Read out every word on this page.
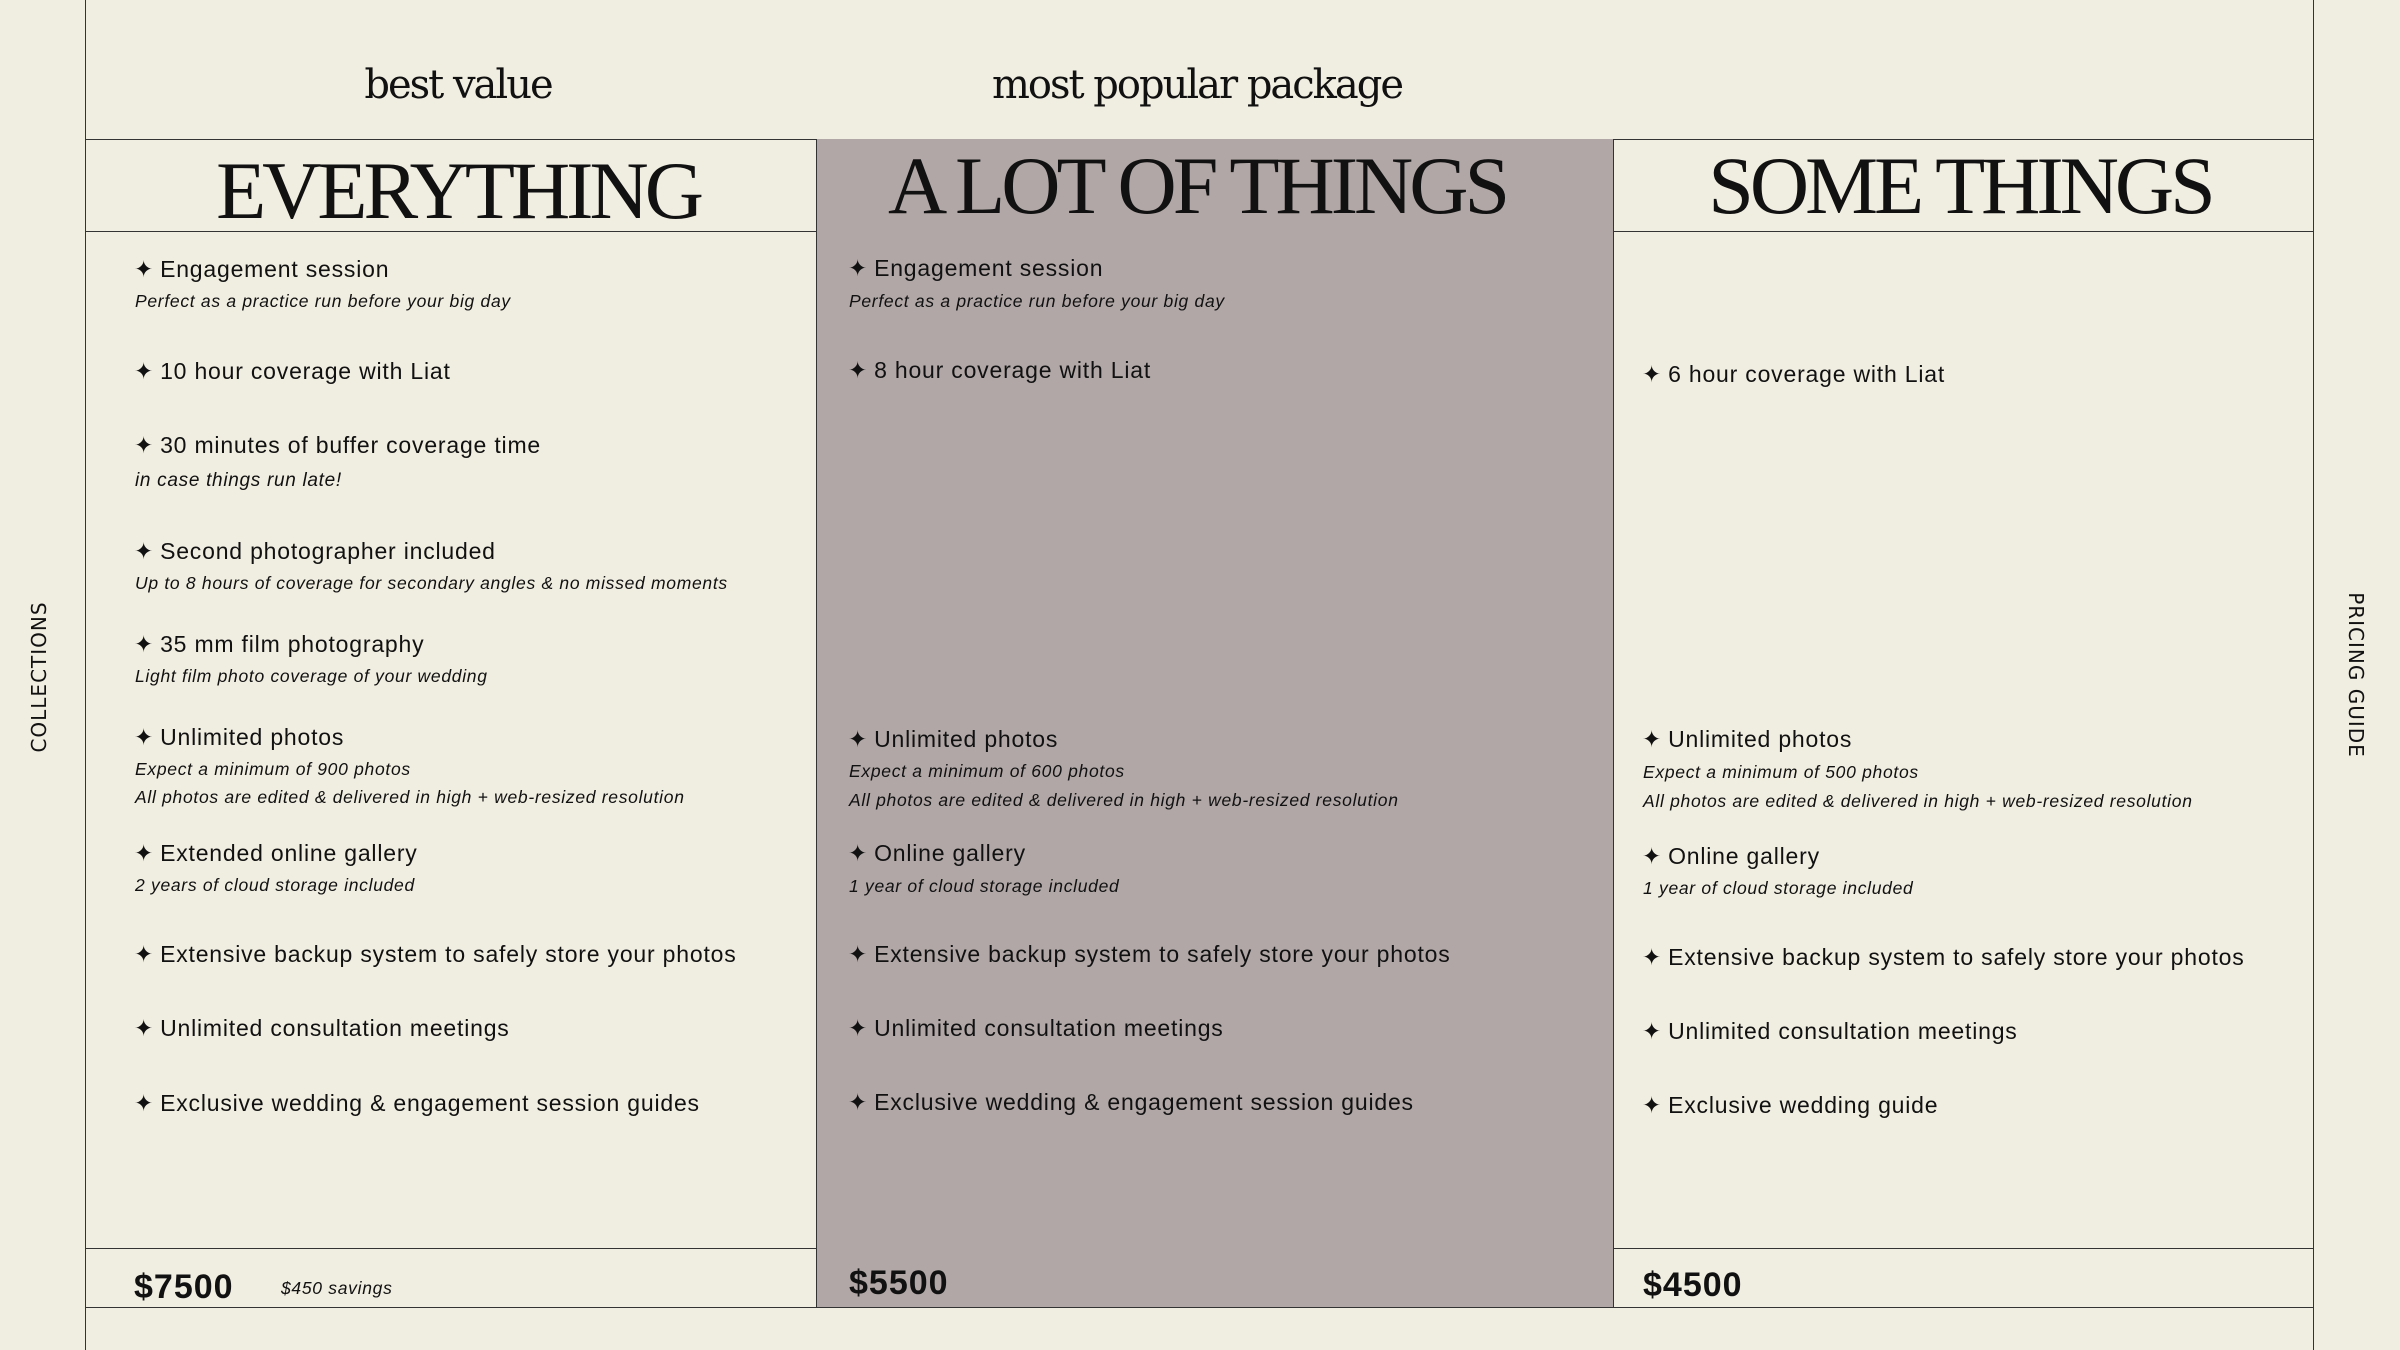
COLLECTIONS	PRICING GUIDE
best value	most popular package
EVERYTHING
✦ Engagement session
Perfect as a practice run before your big day
✦ 10 hour coverage with Liat
✦ 30 minutes of buffer coverage time
in case things run late!
✦ Second photographer included
Up to 8 hours of coverage for secondary angles & no missed moments
✦ 35 mm film photography
Light film photo coverage of your wedding
✦ Unlimited photos
Expect a minimum of 900 photos
All photos are edited & delivered in high + web-resized resolution
✦ Extended online gallery
2 years of cloud storage included
✦ Extensive backup system to safely store your photos
✦ Unlimited consultation meetings
✦ Exclusive wedding & engagement session guides
$7500	$450 savings
A LOT OF THINGS
✦ Engagement session
Perfect as a practice run before your big day
✦ 8 hour coverage with Liat
✦ Unlimited photos
Expect a minimum of 600 photos
All photos are edited & delivered in high + web-resized resolution
✦ Online gallery
1 year of cloud storage included
✦ Extensive backup system to safely store your photos
✦ Unlimited consultation meetings
✦ Exclusive wedding & engagement session guides
$5500
SOME THINGS
✦ 6 hour coverage with Liat
✦ Unlimited photos
Expect a minimum of 500 photos
All photos are edited & delivered in high + web-resized resolution
✦ Online gallery
1 year of cloud storage included
✦ Extensive backup system to safely store your photos
✦ Unlimited consultation meetings
✦ Exclusive wedding guide
$4500
